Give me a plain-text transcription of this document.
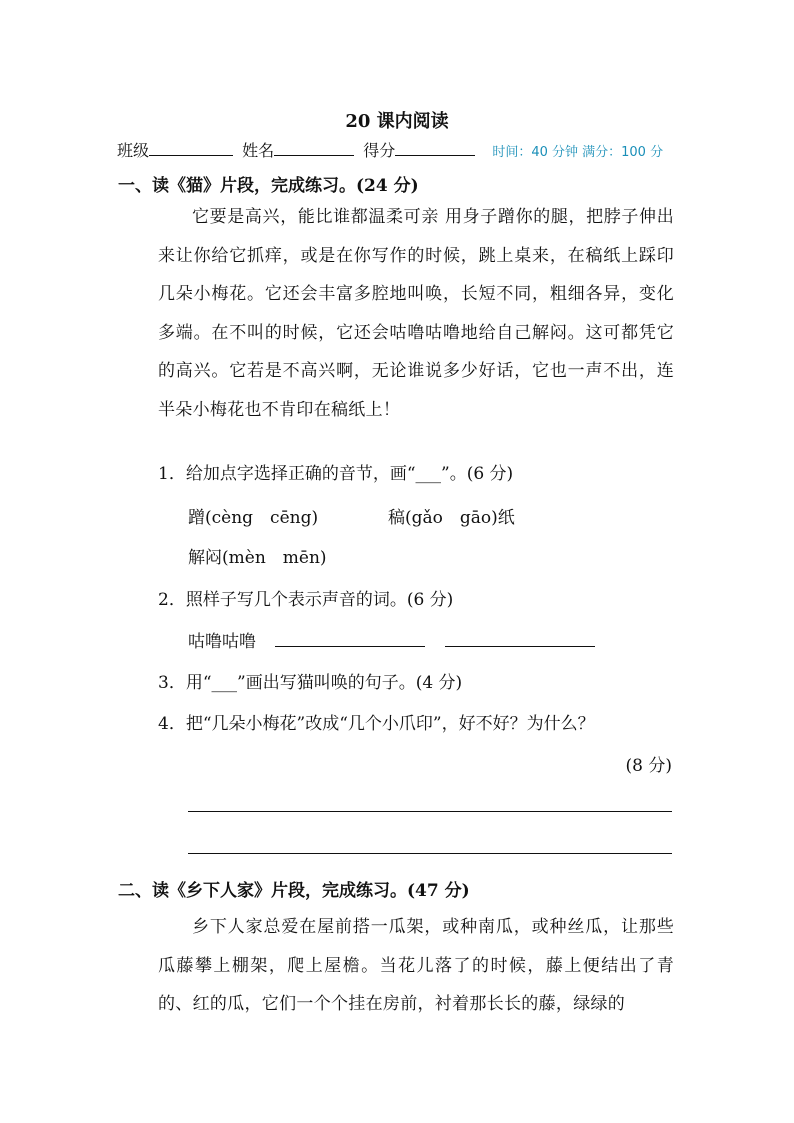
20 课内阅读
班级	姓名	得分	时间：40 分钟 满分：100 分
一、读《猫》片段，完成练习。(24 分)
它要是高兴，能比谁都温柔可亲 用身子蹭你的腿，把脖子伸出来让你给它抓痒，或是在你写作的时候，跳上桌来，在稿纸上踩印几朵小梅花。它还会丰富多腔地叫唤，长短不同，粗细各异，变化多端。在不叫的时候，它还会咕噜咕噜地给自己解闷。这可都凭它的高兴。它若是不高兴啊，无论谁说多少好话，它也一声不出，连半朵小梅花也不肯印在稿纸上！
1．给加点字选择正确的音节，画“___”。(6 分)
蹭(cèng　cēng)	稿(gǎo　gāo)纸
解闷(mèn　mēn)
2．照样子写几个表示声音的词。(6 分)
咕噜咕噜
3．用“___”画出写猫叫唤的句子。(4 分)
4．把“几朵小梅花”改成“几个小爪印”，好不好？为什么？
(8 分)
二、读《乡下人家》片段，完成练习。(47 分)
乡下人家总爱在屋前搭一瓜架，或种南瓜，或种丝瓜，让那些瓜藤攀上棚架，爬上屋檐。当花儿落了的时候，藤上便结出了青的、红的瓜，它们一个个挂在房前，衬着那长长的藤，绿绿的
